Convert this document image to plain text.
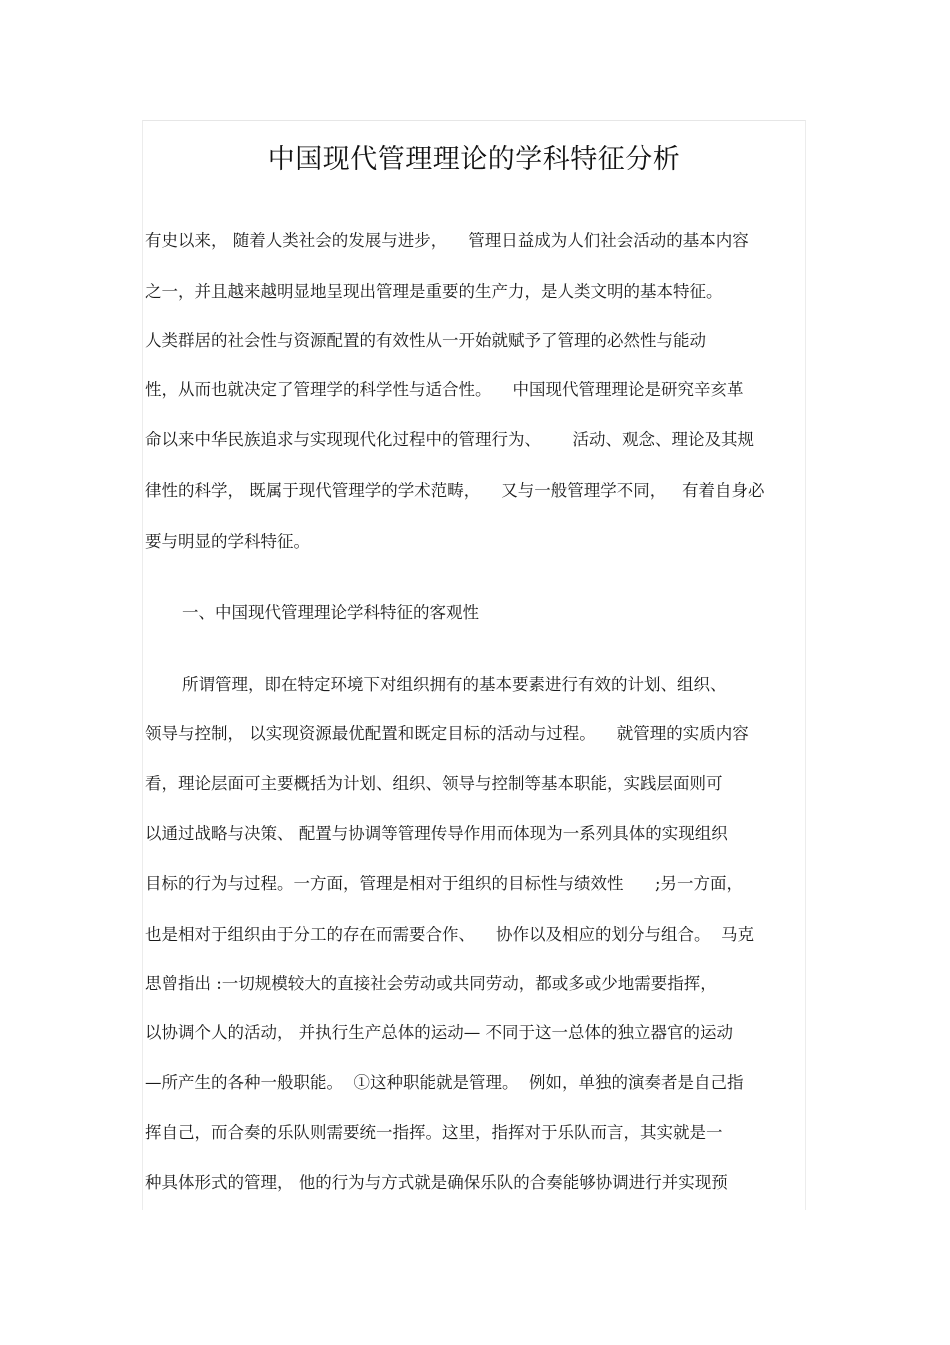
中国现代管理理论的学科特征分析
有史以来， 随着人类社会的发展与进步，    管理日益成为人们社会活动的基本内容
之一，并且越来越明显地呈现出管理是重要的生产力，是人类文明的基本特征。
人类群居的社会性与资源配置的有效性从一开始就赋予了管理的必然性与能动
性，从而也就决定了管理学的科学性与适合性。    中国现代管理理论是研究辛亥革
命以来中华民族追求与实现现代化过程中的管理行为、      活动、观念、理论及其规
律性的科学， 既属于现代管理学的学术范畴，    又与一般管理学不同，   有着自身必
要与明显的学科特征。
一、中国现代管理理论学科特征的客观性
所谓管理，即在特定环境下对组织拥有的基本要素进行有效的计划、组织、
领导与控制， 以实现资源最优配置和既定目标的活动与过程。    就管理的实质内容
看，理论层面可主要概括为计划、组织、领导与控制等基本职能，实践层面则可
以通过战略与决策、 配置与协调等管理传导作用而体现为一系列具体的实现组织
目标的行为与过程。一方面，管理是相对于组织的目标性与绩效性      ;另一方面，
也是相对于组织由于分工的存在而需要合作、    协作以及相应的划分与组合。  马克
思曾指出 :一切规模较大的直接社会劳动或共同劳动，都或多或少地需要指挥，
以协调个人的活动， 并执行生产总体的运动— 不同于这一总体的独立器官的运动
—所产生的各种一般职能。  ①这种职能就是管理。  例如，单独的演奏者是自己指
挥自己，而合奏的乐队则需要统一指挥。这里，指挥对于乐队而言，其实就是一
种具体形式的管理， 他的行为与方式就是确保乐队的合奏能够协调进行并实现预
